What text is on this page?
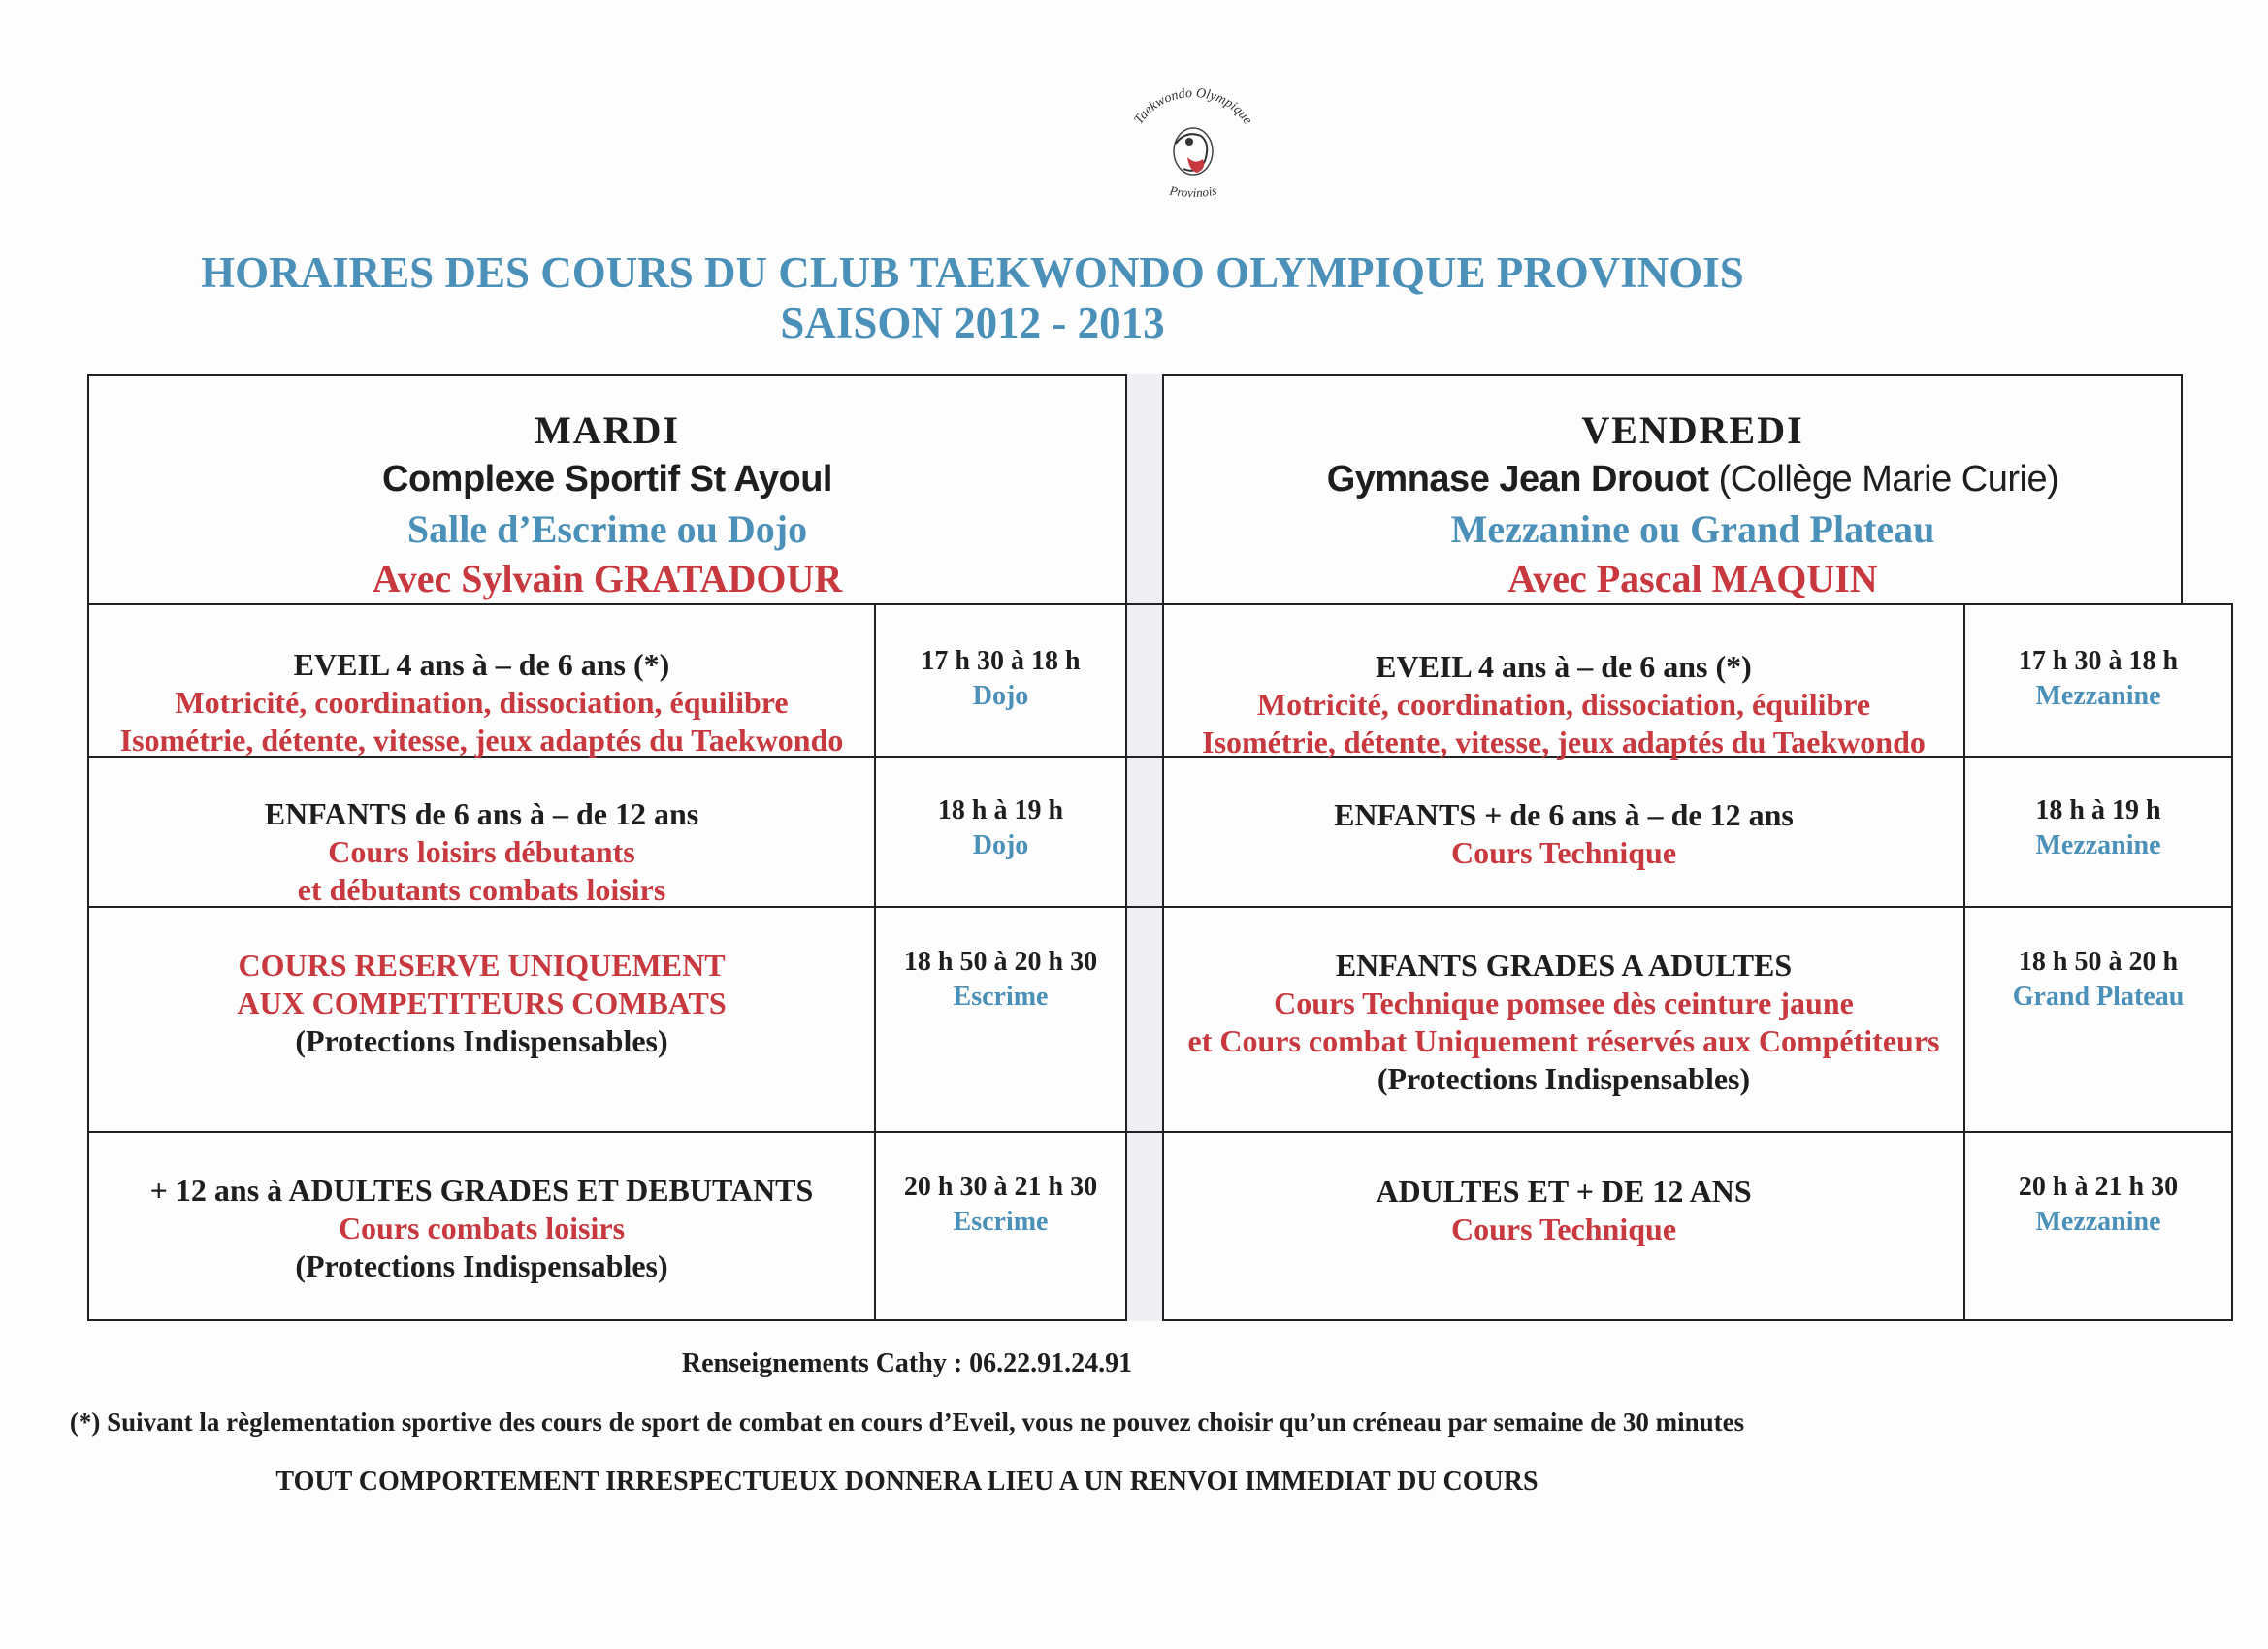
Taekwondo Olympique
Provinois
HORAIRES DES COURS DU CLUB TAEKWONDO OLYMPIQUE PROVINOIS
SAISON 2012 - 2013
MARDI
Complexe Sportif St Ayoul
Salle d’Escrime ou Dojo
Avec Sylvain GRATADOUR
VENDREDI
Gymnase Jean Drouot (Collège Marie Curie)
Mezzanine ou Grand Plateau
Avec Pascal MAQUIN
EVEIL 4 ans à – de 6 ans (*)
Motricité, coordination, dissociation, équilibre
Isométrie, détente, vitesse, jeux adaptés du Taekwondo
17 h 30 à 18 h
Dojo
ENFANTS de 6 ans à – de 12 ans
Cours loisirs débutants
et débutants combats loisirs
18 h à 19 h
Dojo
COURS RESERVE UNIQUEMENT
AUX COMPETITEURS COMBATS
(Protections Indispensables)
18 h 50 à 20 h 30
Escrime
+ 12 ans à ADULTES GRADES ET DEBUTANTS
Cours combats loisirs
(Protections Indispensables)
20 h 30 à 21 h 30
Escrime
EVEIL 4 ans à – de 6 ans (*)
Motricité, coordination, dissociation, équilibre
Isométrie, détente, vitesse, jeux adaptés du Taekwondo
17 h 30 à 18 h
Mezzanine
ENFANTS + de 6 ans à – de 12 ans
Cours Technique
18 h à 19 h
Mezzanine
ENFANTS GRADES A ADULTES
Cours Technique pomsee dès ceinture jaune
et Cours combat Uniquement réservés aux Compétiteurs
(Protections Indispensables)
18 h 50 à 20 h
Grand Plateau
ADULTES ET + DE 12 ANS
Cours Technique
20 h à 21 h 30
Mezzanine
Renseignements Cathy : 06.22.91.24.91
(*) Suivant la règlementation sportive des cours de sport de combat en cours d’Eveil, vous ne pouvez choisir qu’un créneau par semaine de 30 minutes
TOUT COMPORTEMENT IRRESPECTUEUX DONNERA LIEU A UN RENVOI IMMEDIAT DU COURS
